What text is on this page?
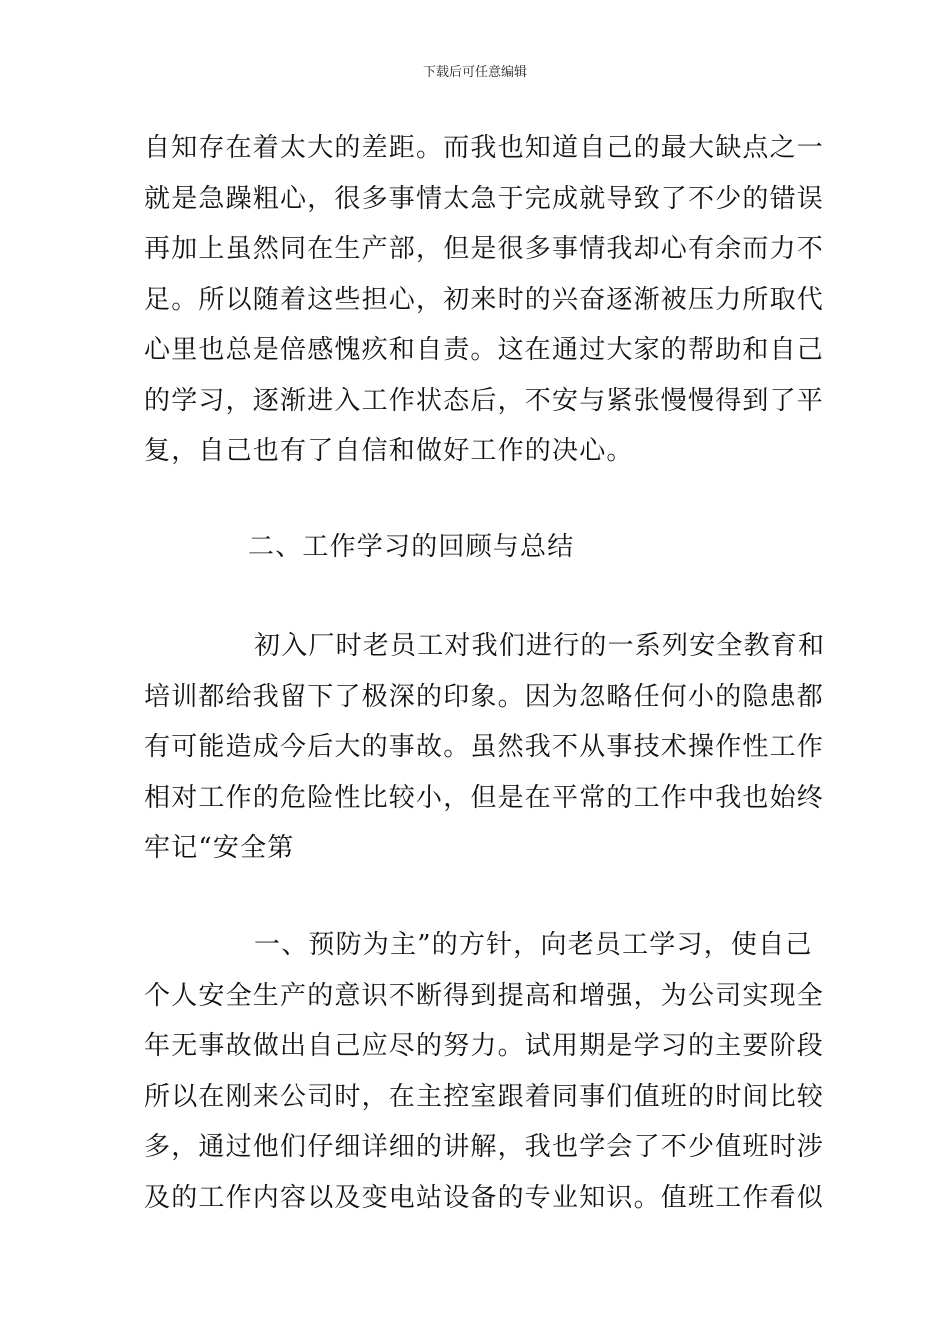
下载后可任意编辑
自知存在着太大的差距。而我也知道自己的最大缺点之一
就是急躁粗心，很多事情太急于完成就导致了不少的错误
再加上虽然同在生产部，但是很多事情我却心有余而力不
足。所以随着这些担心，初来时的兴奋逐渐被压力所取代
心里也总是倍感愧疚和自责。这在通过大家的帮助和自己
的学习，逐渐进入工作状态后，不安与紧张慢慢得到了平
复，自己也有了自信和做好工作的决心。
二、工作学习的回顾与总结
初入厂时老员工对我们进行的一系列安全教育和
培训都给我留下了极深的印象。因为忽略任何小的隐患都
有可能造成今后大的事故。虽然我不从事技术操作性工作
相对工作的危险性比较小，但是在平常的工作中我也始终
牢记“安全第
一、预防为主”的方针，向老员工学习，使自己
个人安全生产的意识不断得到提高和增强，为公司实现全
年无事故做出自己应尽的努力。试用期是学习的主要阶段
所以在刚来公司时，在主控室跟着同事们值班的时间比较
多，通过他们仔细详细的讲解，我也学会了不少值班时涉
及的工作内容以及变电站设备的专业知识。值班工作看似
